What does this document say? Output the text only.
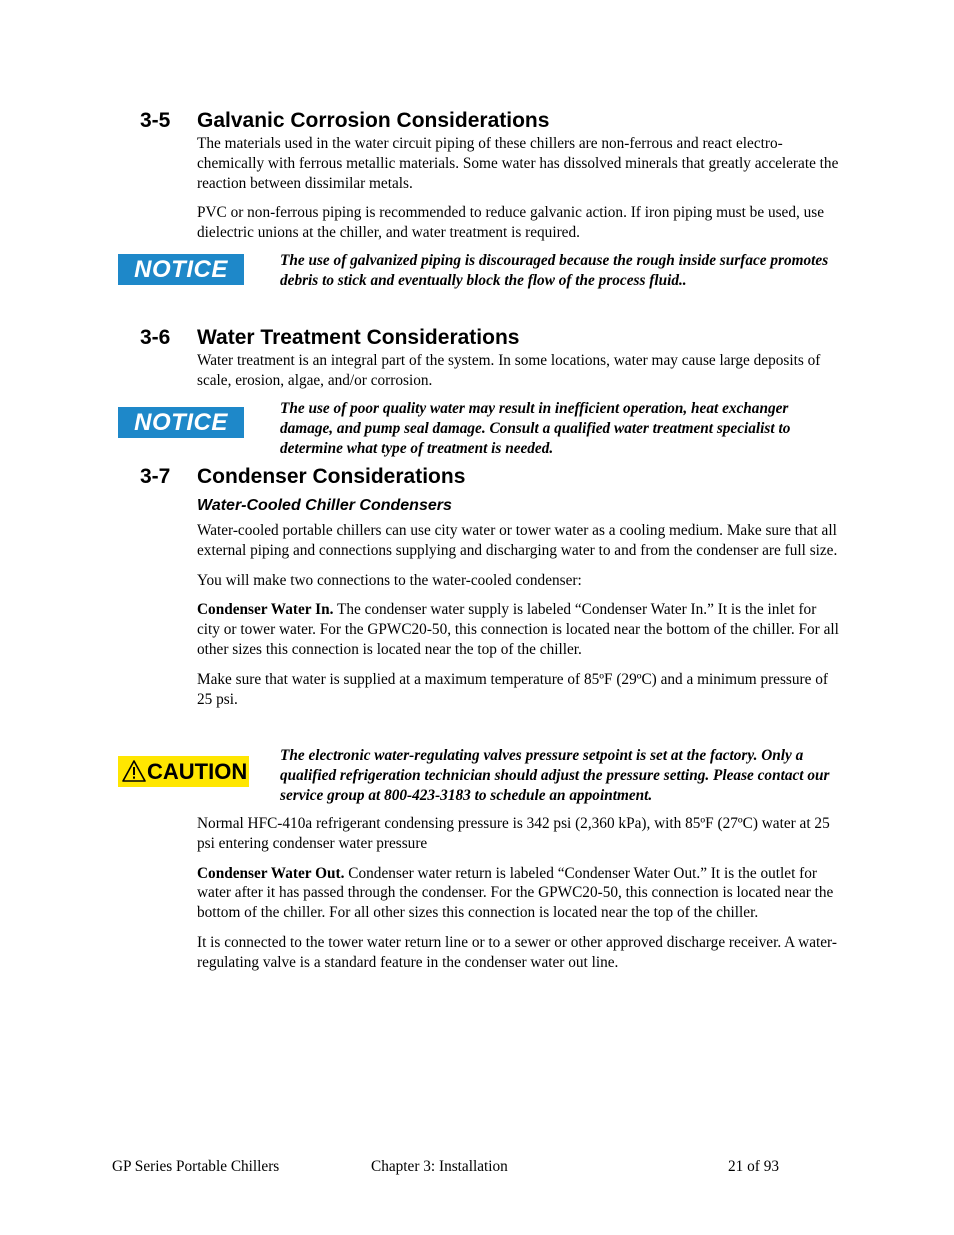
3-5 Galvanic Corrosion Considerations

The materials used in the water circuit piping of these chillers are non-ferrous and react electro-chemically with ferrous metallic materials. Some water has dissolved minerals that greatly accelerate the reaction between dissimilar metals.

PVC or non-ferrous piping is recommended to reduce galvanic action. If iron piping must be used, use dielectric unions at the chiller, and water treatment is required.

NOTICE	The use of galvanized piping is discouraged because the rough inside surface promotes debris to stick and eventually block the flow of the process fluid..

3-6 Water Treatment Considerations

Water treatment is an integral part of the system. In some locations, water may cause large deposits of scale, erosion, algae, and/or corrosion.

NOTICE

The use of poor quality water may result in inefficient operation, heat exchanger damage, and pump seal damage. Consult a qualified water treatment specialist to determine what type of treatment is needed.

3-7 Condenser Considerations
Water-Cooled Chiller Condensers

Water-cooled portable chillers can use city water or tower water as a cooling medium. Make sure that all external piping and connections supplying and discharging water to and from the condenser are full size.

You will make two connections to the water-cooled condenser:

Condenser Water In. The condenser water supply is labeled “Condenser Water In.” It is the inlet for city or tower water. For the GPWC20-50, this connection is located near the bottom of the chiller. For all other sizes this connection is located near the top of the chiller.

Make sure that water is supplied at a maximum temperature of 85ºF (29ºC) and a minimum pressure of 25 psi.

CAUTION

The electronic water-regulating valves pressure setpoint is set at the factory. Only a qualified refrigeration technician should adjust the pressure setting. Please contact our service group at 800-423-3183 to schedule an appointment.

Normal HFC-410a refrigerant condensing pressure is 342 psi (2,360 kPa), with 85ºF (27ºC) water at 25 psi entering condenser water pressure

Condenser Water Out. Condenser water return is labeled “Condenser Water Out.” It is the outlet for water after it has passed through the condenser. For the GPWC20-50, this connection is located near the bottom of the chiller. For all other sizes this connection is located near the top of the chiller.

It is connected to the tower water return line or to a sewer or other approved discharge receiver. A water-regulating valve is a standard feature in the condenser water out line.

GP Series Portable Chillers	Chapter 3: Installation	21 of 93
